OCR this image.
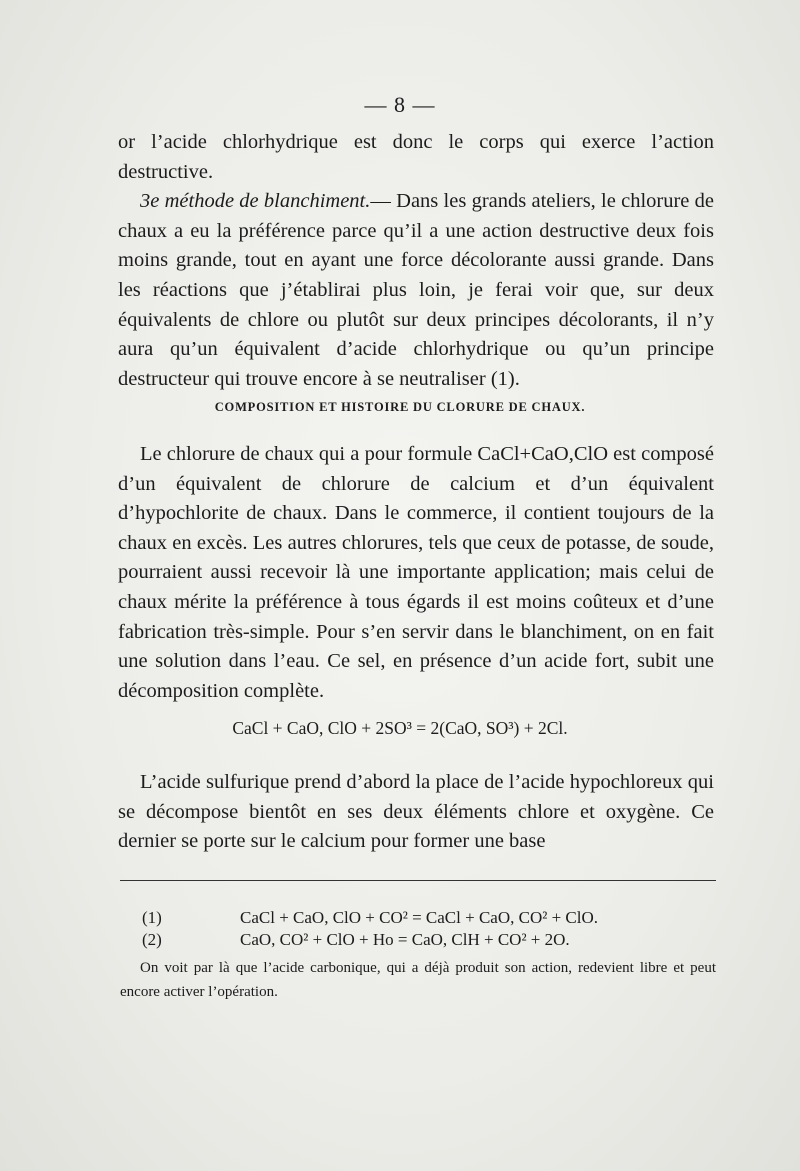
— 8 —

or l’acide chlorhydrique est donc le corps qui exerce l’action destructive.

3e méthode de blanchiment.— Dans les grands ateliers, le chlorure de chaux a eu la préférence parce qu’il a une action destructive deux fois moins grande, tout en ayant une force décolorante aussi grande. Dans les réactions que j’établirai plus loin, je ferai voir que, sur deux équivalents de chlore ou plutôt sur deux principes décolorants, il n’y aura qu’un équivalent d’acide chlorhydrique ou qu’un principe destructeur qui trouve encore à se neutraliser (1).

COMPOSITION ET HISTOIRE DU CLORURE DE CHAUX.

Le chlorure de chaux qui a pour formule CaCl+CaO,ClO est composé d’un équivalent de chlorure de calcium et d’un équivalent d’hypochlorite de chaux. Dans le commerce, il contient toujours de la chaux en excès. Les autres chlorures, tels que ceux de potasse, de soude, pourraient aussi recevoir là une importante application; mais celui de chaux mérite la préférence à tous égards il est moins coûteux et d’une fabrication très-simple. Pour s’en servir dans le blanchiment, on en fait une solution dans l’eau. Ce sel, en présence d’un acide fort, subit une décomposition complète.

CaCl + CaO, ClO + 2SO³ = 2(CaO, SO³) + 2Cl.

L’acide sulfurique prend d’abord la place de l’acide hypochloreux qui se décompose bientôt en ses deux éléments chlore et oxygène. Ce dernier se porte sur le calcium pour former une base

(1)	CaCl + CaO, ClO + CO² = CaCl + CaO, CO² + ClO.
(2)	CaO, CO² + ClO + Ho = CaO, ClH + CO² + 2O.
On voit par là que l’acide carbonique, qui a déjà produit son action, redevient libre et peut encore activer l’opération.
